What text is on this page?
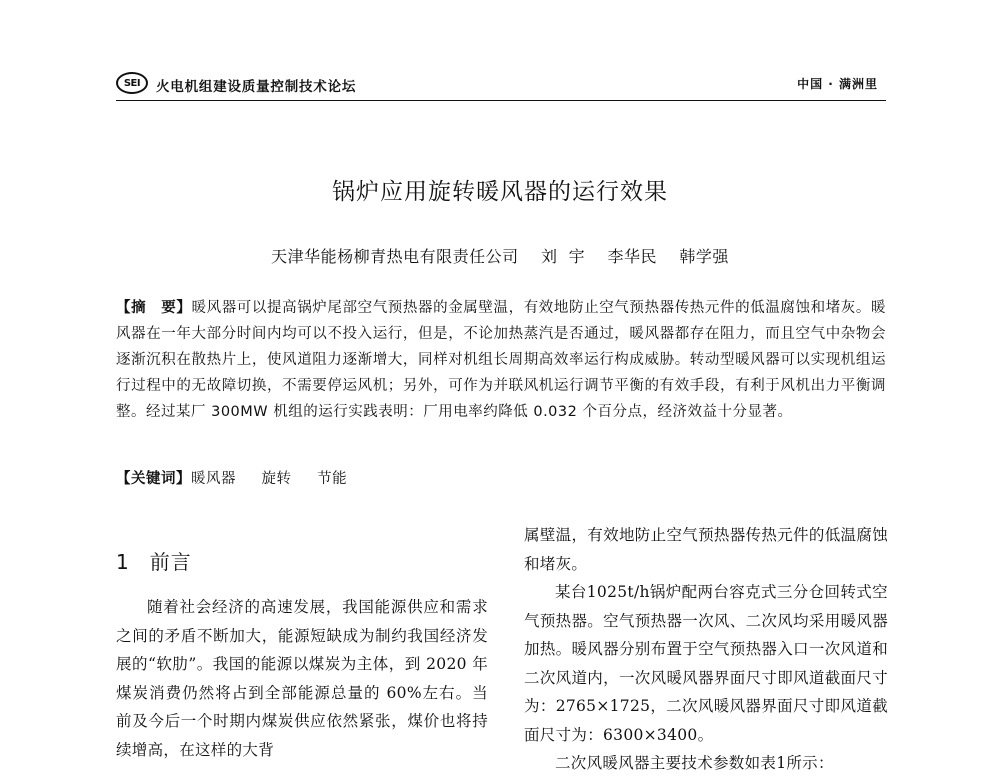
SEI 火电机组建设质量控制技术论坛	中国 · 满洲里
锅炉应用旋转暖风器的运行效果
天津华能杨柳青热电有限责任公司    刘  宇    李华民    韩学强
【摘　要】暖风器可以提高锅炉尾部空气预热器的金属壁温，有效地防止空气预热器传热元件的低温腐蚀和堵灰。暖风器在一年大部分时间内均可以不投入运行，但是，不论加热蒸汽是否通过，暖风器都存在阻力，而且空气中杂物会逐渐沉积在散热片上，使风道阻力逐渐增大，同样对机组长周期高效率运行构成威胁。转动型暖风器可以实现机组运行过程中的无故障切换，不需要停运风机；另外，可作为并联风机运行调节平衡的有效手段，有利于风机出力平衡调整。经过某厂 300MW 机组的运行实践表明：厂用电率约降低 0.032 个百分点，经济效益十分显著。
【关键词】暖风器     旋转     节能
1 前言

随着社会经济的高速发展，我国能源供应和需求之间的矛盾不断加大，能源短缺成为制约我国经济发展的“软肋”。我国的能源以煤炭为主体，到 2020 年煤炭消费仍然将占到全部能源总量的 60%左右。当前及今后一个时期内煤炭供应依然紧张，煤价也将持续增高，在这样的大背

属壁温，有效地防止空气预热器传热元件的低温腐蚀和堵灰。

某台1025t/h锅炉配两台容克式三分仓回转式空气预热器。空气预热器一次风、二次风均采用暖风器加热。暖风器分别布置于空气预热器入口一次风道和二次风道内，一次风暖风器界面尺寸即风道截面尺寸为：2765×1725，二次风暖风器界面尺寸即风道截面尺寸为：6300×3400。

二次风暖风器主要技术参数如表1所示：
